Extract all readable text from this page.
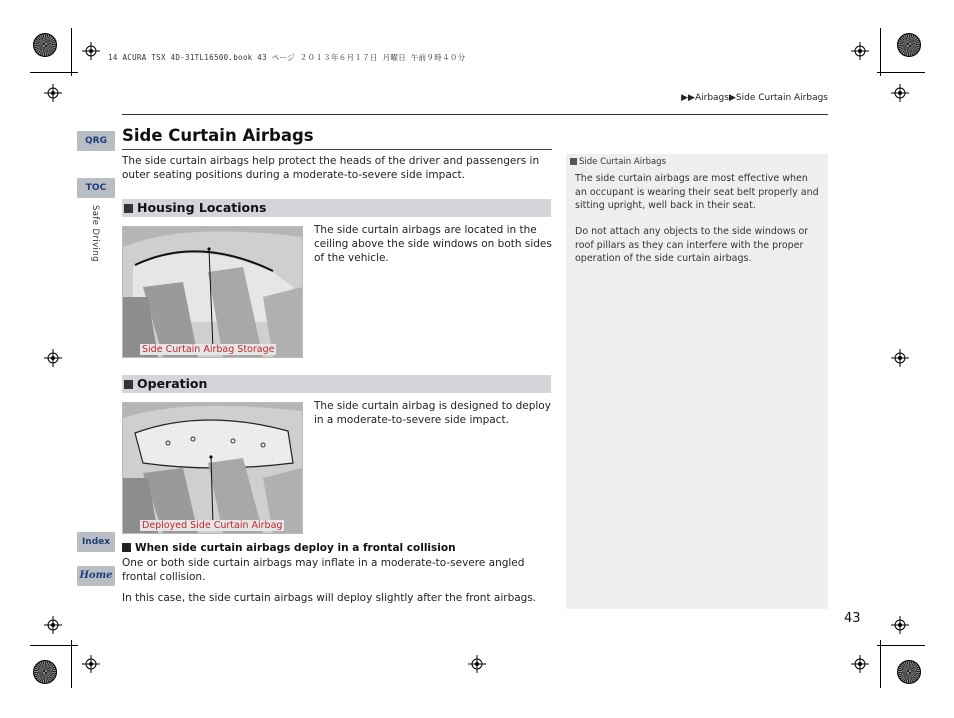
14 ACURA TSX 4D-31TL16500.book 43 ページ ２０１３年６月１７日 月曜日 午前９時４０分
▶▶Airbags▶Side Curtain Airbags
QRG
TOC
Safe Driving
Index
Home
Side Curtain Airbags
The side curtain airbags help protect the heads of the driver and passengers in outer seating positions during a moderate-to-severe side impact.
Housing Locations
Side Curtain Airbag Storage
The side curtain airbags are located in the ceiling above the side windows on both sides of the vehicle.
Operation
Deployed Side Curtain Airbag
The side curtain airbag is designed to deploy in a moderate-to-severe side impact.
When side curtain airbags deploy in a frontal collision
One or both side curtain airbags may inflate in a moderate-to-severe angled frontal collision.
In this case, the side curtain airbags will deploy slightly after the front airbags.
Side Curtain Airbags
The side curtain airbags are most effective when an occupant is wearing their seat belt properly and sitting upright, well back in their seat.
Do not attach any objects to the side windows or roof pillars as they can interfere with the proper operation of the side curtain airbags.
43
